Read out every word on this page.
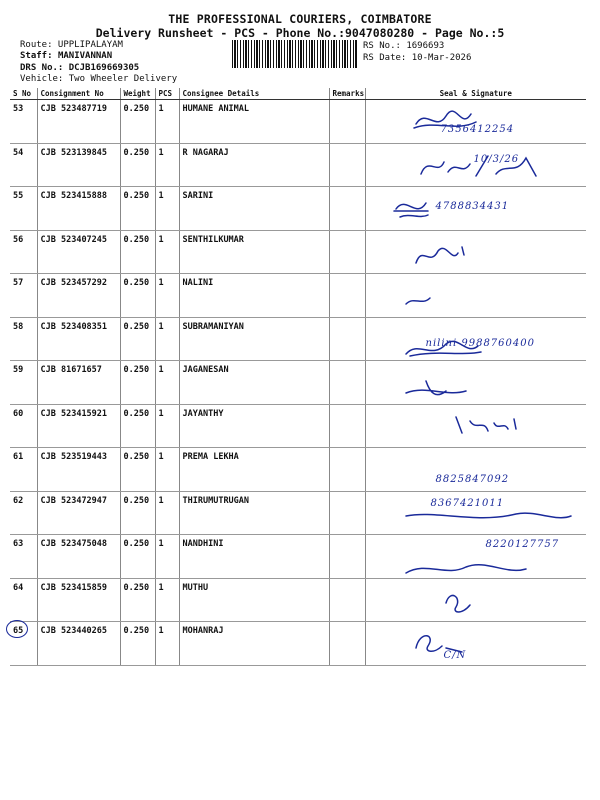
THE PROFESSIONAL COURIERS, COIMBATORE
Delivery Runsheet - PCS - Phone No.:9047080280 - Page No.:5
Route: UPPLIPALAYAM
Staff: MANIVANNAN
DRS No.: DCJB169669305
Vehicle: Two Wheeler Delivery
RS No.: 1696693
RS Date: 10-Mar-2026
S No	Consignment No	Weight	PCS	Consignee Details	Remarks	Seal & Signature
53	CJB 523487719	0.250	1	HUMANE ANIMAL		7356412254

54	CJB 523139845	0.250	1	R NAGARAJ		10/3/26

55	CJB 523415888	0.250	1	SARINI		4788834431

56	CJB 523407245	0.250	1	SENTHILKUMAR		

57	CJB 523457292	0.250	1	NALINI		

58	CJB 523408351	0.250	1	SUBRAMANIYAN		nilini 9988760400

59	CJB 81671657	0.250	1	JAGANESAN		

60	CJB 523415921	0.250	1	JAYANTHY		

61	CJB 523519443	0.250	1	PREMA LEKHA		8825847092

62	CJB 523472947	0.250	1	THIRUMUTRUGAN		8367421011

63	CJB 523475048	0.250	1	NANDHINI		8220127757

64	CJB 523415859	0.250	1	MUTHU		

65	CJB 523440265	0.250	1	MOHANRAJ		C/N
